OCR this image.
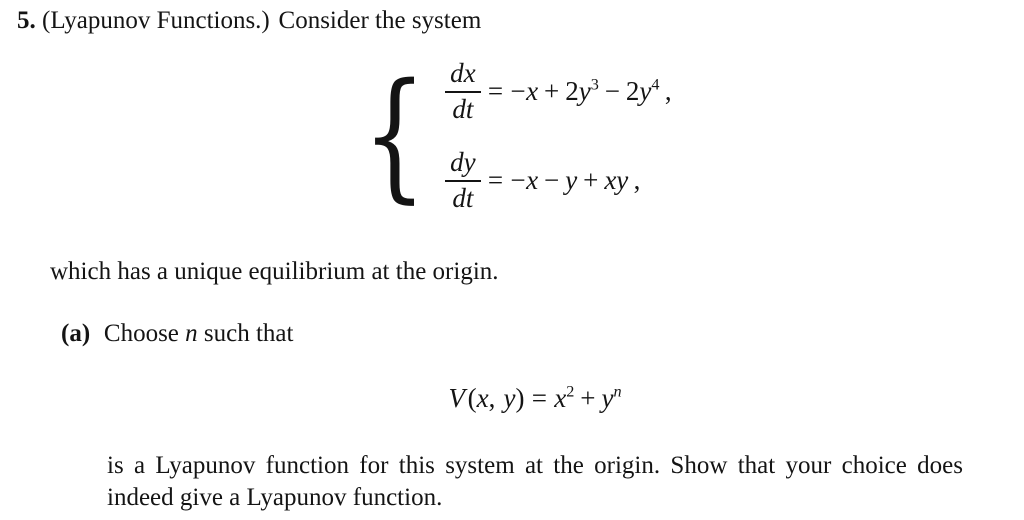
5. (Lyapunov Functions.) Consider the system

{ $\frac{dx}{dt} = -x + 2y^3 - 2y^4$ ,
$\frac{dy}{dt} = -x - y$ + xy ,

which has a unique equilibrium at the origin.

(a) Choose n such that

V(x, $y) = x^2 + y^n$

is a Lyapunov function for this system at the origin. Show that your choice does indeed give a Lyapunov function.
